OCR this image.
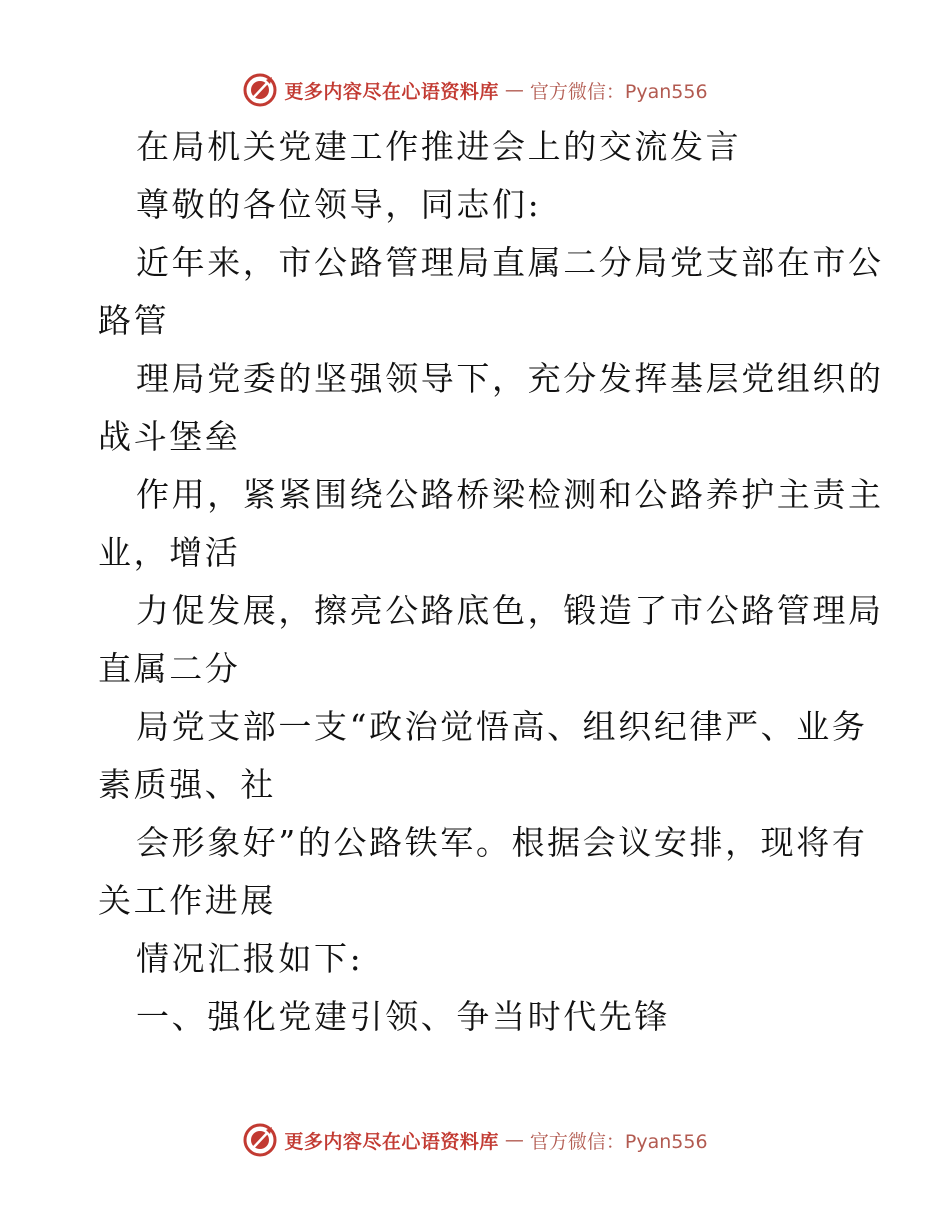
更多内容尽在心语资料库 — 官方微信：Pyan556
在局机关党建工作推进会上的交流发言
尊敬的各位领导，同志们:
近年来，市公路管理局直属二分局党支部在市公
路管
理局党委的坚强领导下，充分发挥基层党组织的
战斗堡垒
作用，紧紧围绕公路桥梁检测和公路养护主责主
业，增活
力促发展，擦亮公路底色，锻造了市公路管理局
直属二分
局党支部一支“政治觉悟高、组织纪律严、业务
素质强、社
会形象好”的公路铁军。根据会议安排，现将有
关工作进展
情况汇报如下:
一、强化党建引领、争当时代先锋
更多内容尽在心语资料库 — 官方微信：Pyan556
